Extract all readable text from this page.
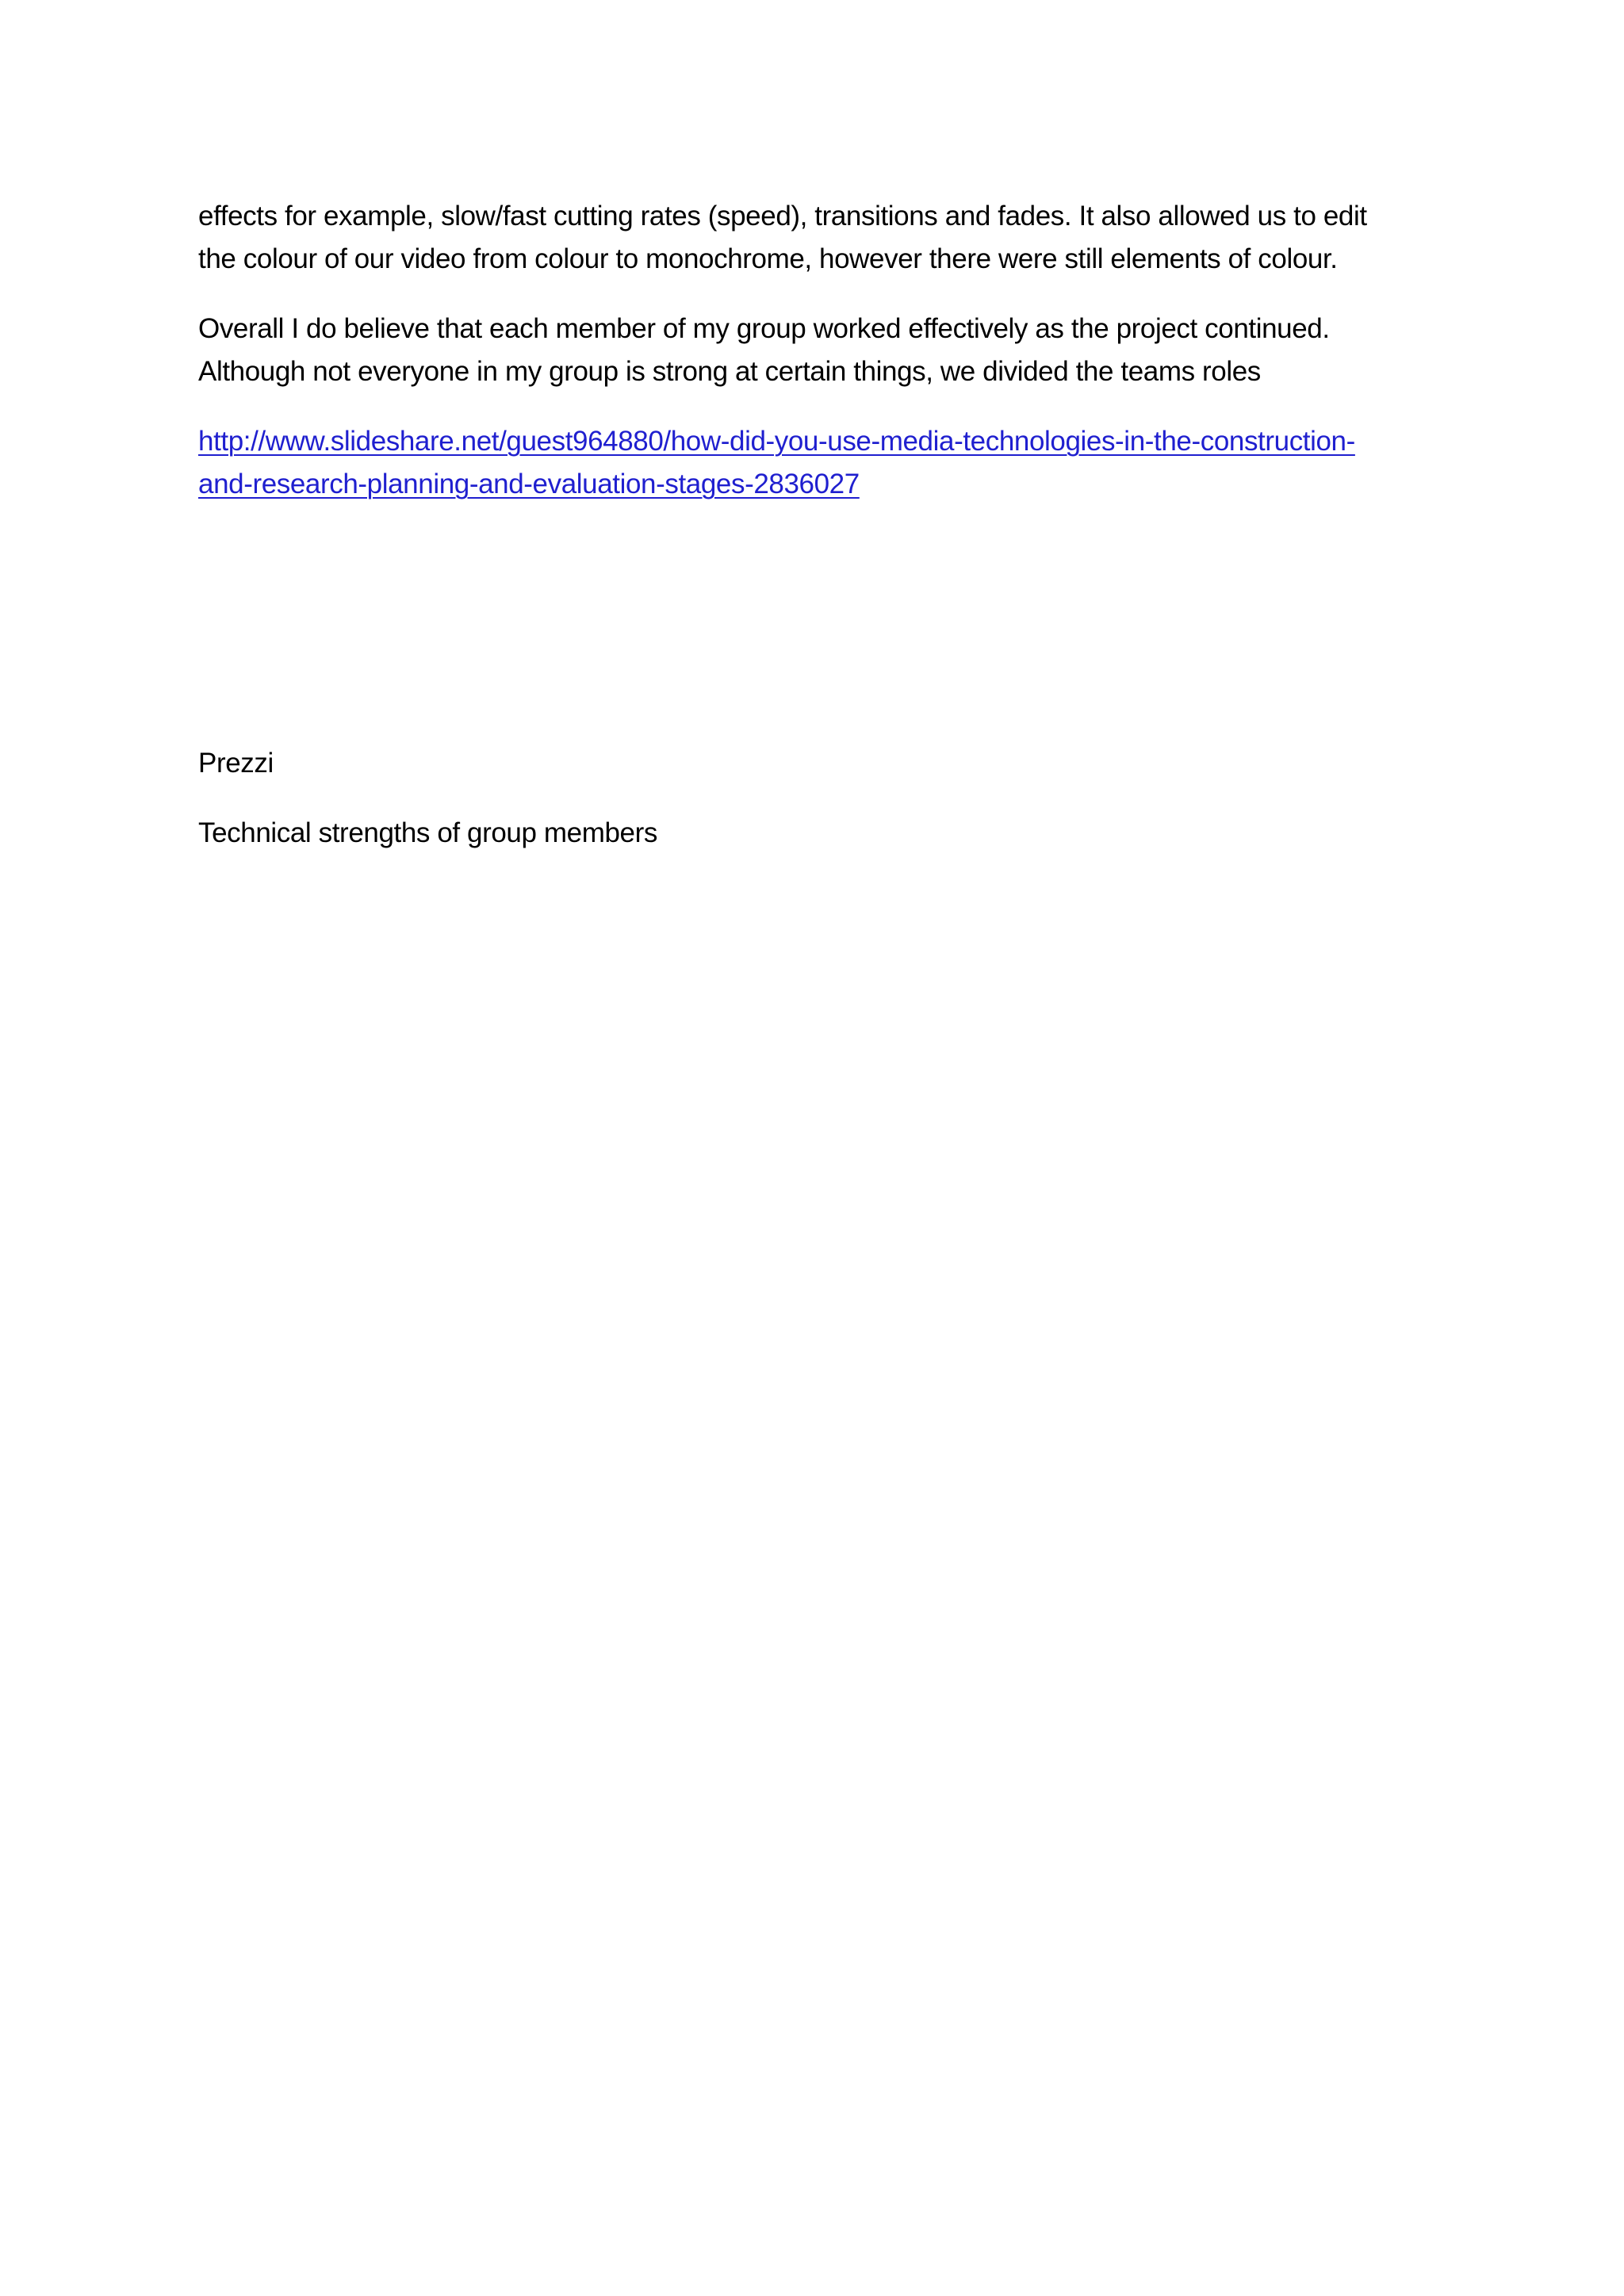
effects for example, slow/fast cutting rates (speed), transitions and fades. It also allowed us to edit
the colour of our video from colour to monochrome, however there were still elements of colour.

Overall I do believe that each member of my group worked effectively as the project continued.
Although not everyone in my group is strong at certain things, we divided the teams roles

http://www.slideshare.net/guest964880/how-did-you-use-media-technologies-in-the-construction-
and-research-planning-and-evaluation-stages-2836027

Prezzi

Technical strengths of group members
